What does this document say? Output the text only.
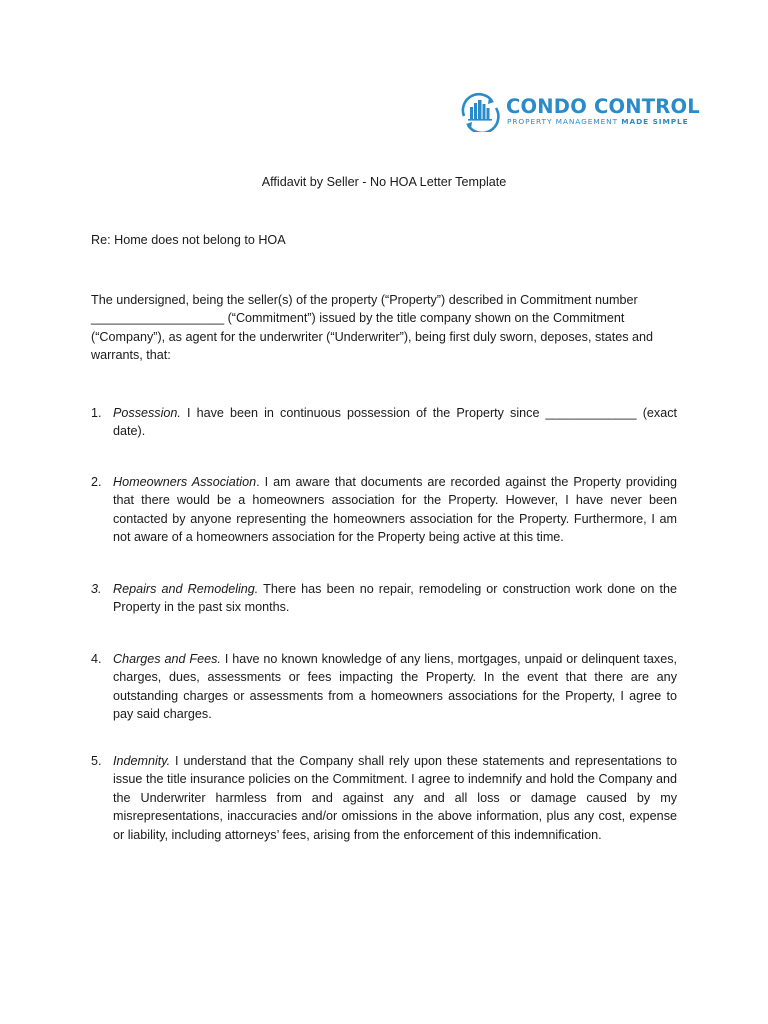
CONDO CONTROL
PROPERTY MANAGEMENT MADE SIMPLE
Affidavit by Seller - No HOA Letter Template
Re: Home does not belong to HOA
The undersigned, being the seller(s) of the property (“Property”) described in Commitment number ___________________ (“Commitment”) issued by the title company shown on the Commitment (“Company”), as agent for the underwriter (“Underwriter”), being first duly sworn, deposes, states and warrants, that:
1. Possession. I have been in continuous possession of the Property since _____________ (exact date).
2. Homeowners Association. I am aware that documents are recorded against the Property providing that there would be a homeowners association for the Property. However, I have never been contacted by anyone representing the homeowners association for the Property. Furthermore, I am not aware of a homeowners association for the Property being active at this time.
3. Repairs and Remodeling. There has been no repair, remodeling or construction work done on the Property in the past six months.
4. Charges and Fees. I have no known knowledge of any liens, mortgages, unpaid or delinquent taxes, charges, dues, assessments or fees impacting the Property. In the event that there are any outstanding charges or assessments from a homeowners associations for the Property, I agree to pay said charges.
5. Indemnity. I understand that the Company shall rely upon these statements and representations to issue the title insurance policies on the Commitment. I agree to indemnify and hold the Company and the Underwriter harmless from and against any and all loss or damage caused by my misrepresentations, inaccuracies and/or omissions in the above information, plus any cost, expense or liability, including attorneys’ fees, arising from the enforcement of this indemnification.
